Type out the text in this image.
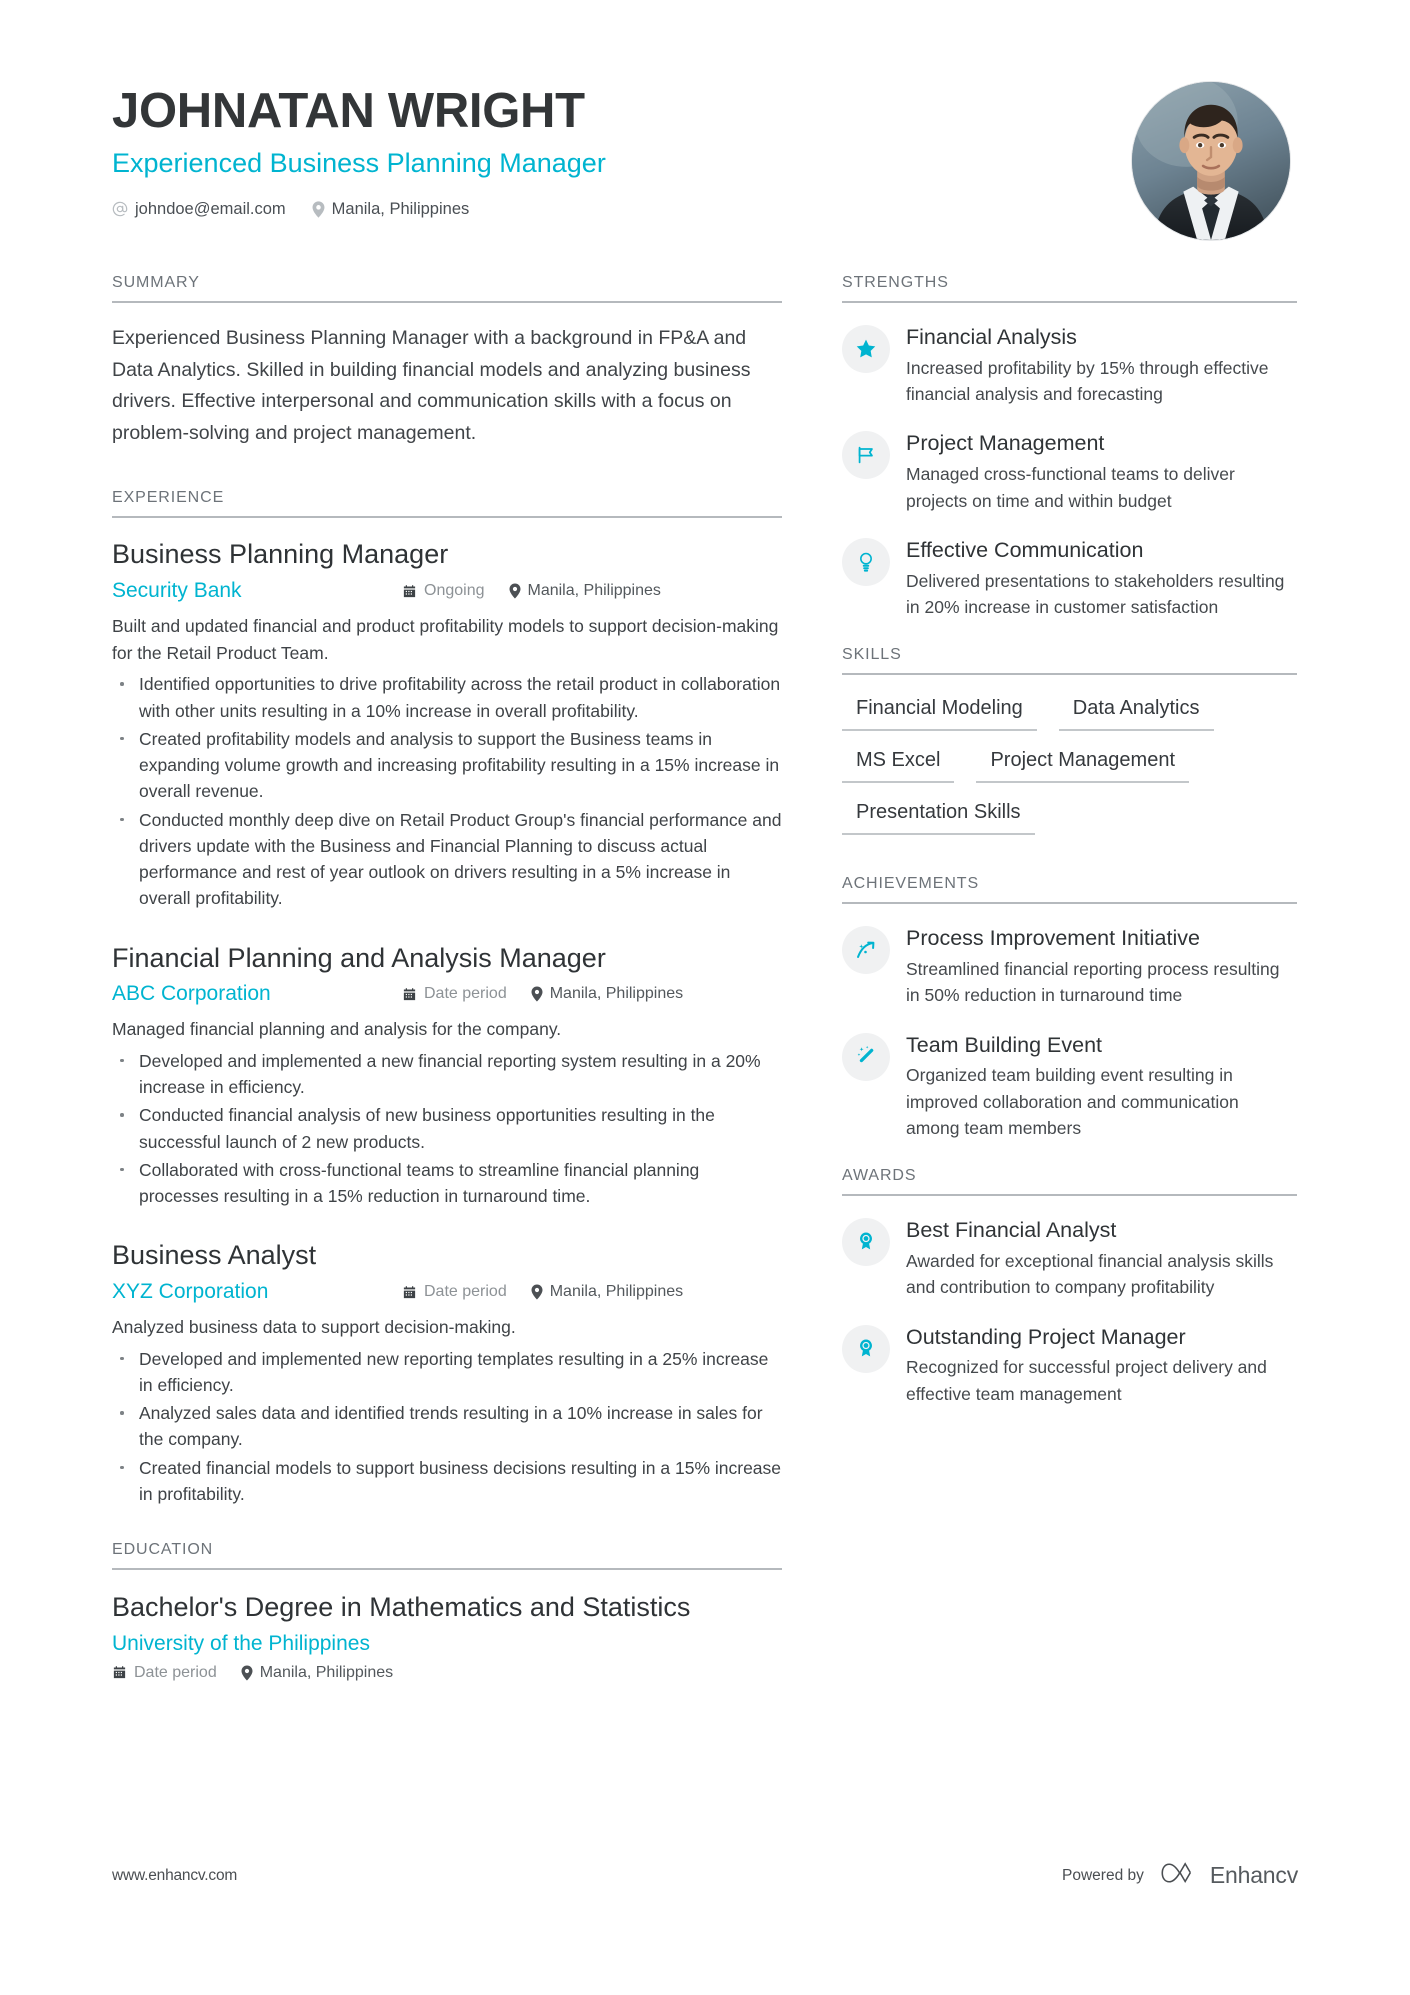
JOHNATAN WRIGHT
Experienced Business Planning Manager
johndoe@email.com	Manila, Philippines
SUMMARY

Experienced Business Planning Manager with a background in FP&A and Data Analytics. Skilled in building financial models and analyzing business drivers. Effective interpersonal and communication skills with a focus on problem-solving and project management.

EXPERIENCE
Business Planning Manager
Security Bank	Ongoing	Manila, Philippines

Built and updated financial and product profitability models to support decision-making for the Retail Product Team.

Identified opportunities to drive profitability across the retail product in collaboration with other units resulting in a 10% increase in overall profitability.
Created profitability models and analysis to support the Business teams in expanding volume growth and increasing profitability resulting in a 15% increase in overall revenue.
Conducted monthly deep dive on Retail Product Group's financial performance and drivers update with the Business and Financial Planning to discuss actual performance and rest of year outlook on drivers resulting in a 5% increase in overall profitability.
Financial Planning and Analysis Manager
ABC Corporation	Date period	Manila, Philippines

Managed financial planning and analysis for the company.

Developed and implemented a new financial reporting system resulting in a 20% increase in efficiency.
Conducted financial analysis of new business opportunities resulting in the successful launch of 2 new products.
Collaborated with cross-functional teams to streamline financial planning processes resulting in a 15% reduction in turnaround time.
Business Analyst
XYZ Corporation	Date period	Manila, Philippines

Analyzed business data to support decision-making.

Developed and implemented new reporting templates resulting in a 25% increase in efficiency.
Analyzed sales data and identified trends resulting in a 10% increase in sales for the company.
Created financial models to support business decisions resulting in a 15% increase in profitability.
EDUCATION
Bachelor's Degree in Mathematics and Statistics
University of the Philippines
Date period	Manila, Philippines
STRENGTHS
Financial Analysis
Increased profitability by 15% through effective financial analysis and forecasting
Project Management
Managed cross-functional teams to deliver projects on time and within budget
Effective Communication
Delivered presentations to stakeholders resulting in 20% increase in customer satisfaction
SKILLS
Financial Modeling	Data Analytics
MS Excel	Project Management
Presentation Skills
ACHIEVEMENTS
Process Improvement Initiative
Streamlined financial reporting process resulting in 50% reduction in turnaround time
Team Building Event
Organized team building event resulting in improved collaboration and communication among team members
AWARDS
Best Financial Analyst
Awarded for exceptional financial analysis skills and contribution to company profitability
Outstanding Project Manager
Recognized for successful project delivery and effective team management
www.enhancv.com	Powered by	Enhancv
